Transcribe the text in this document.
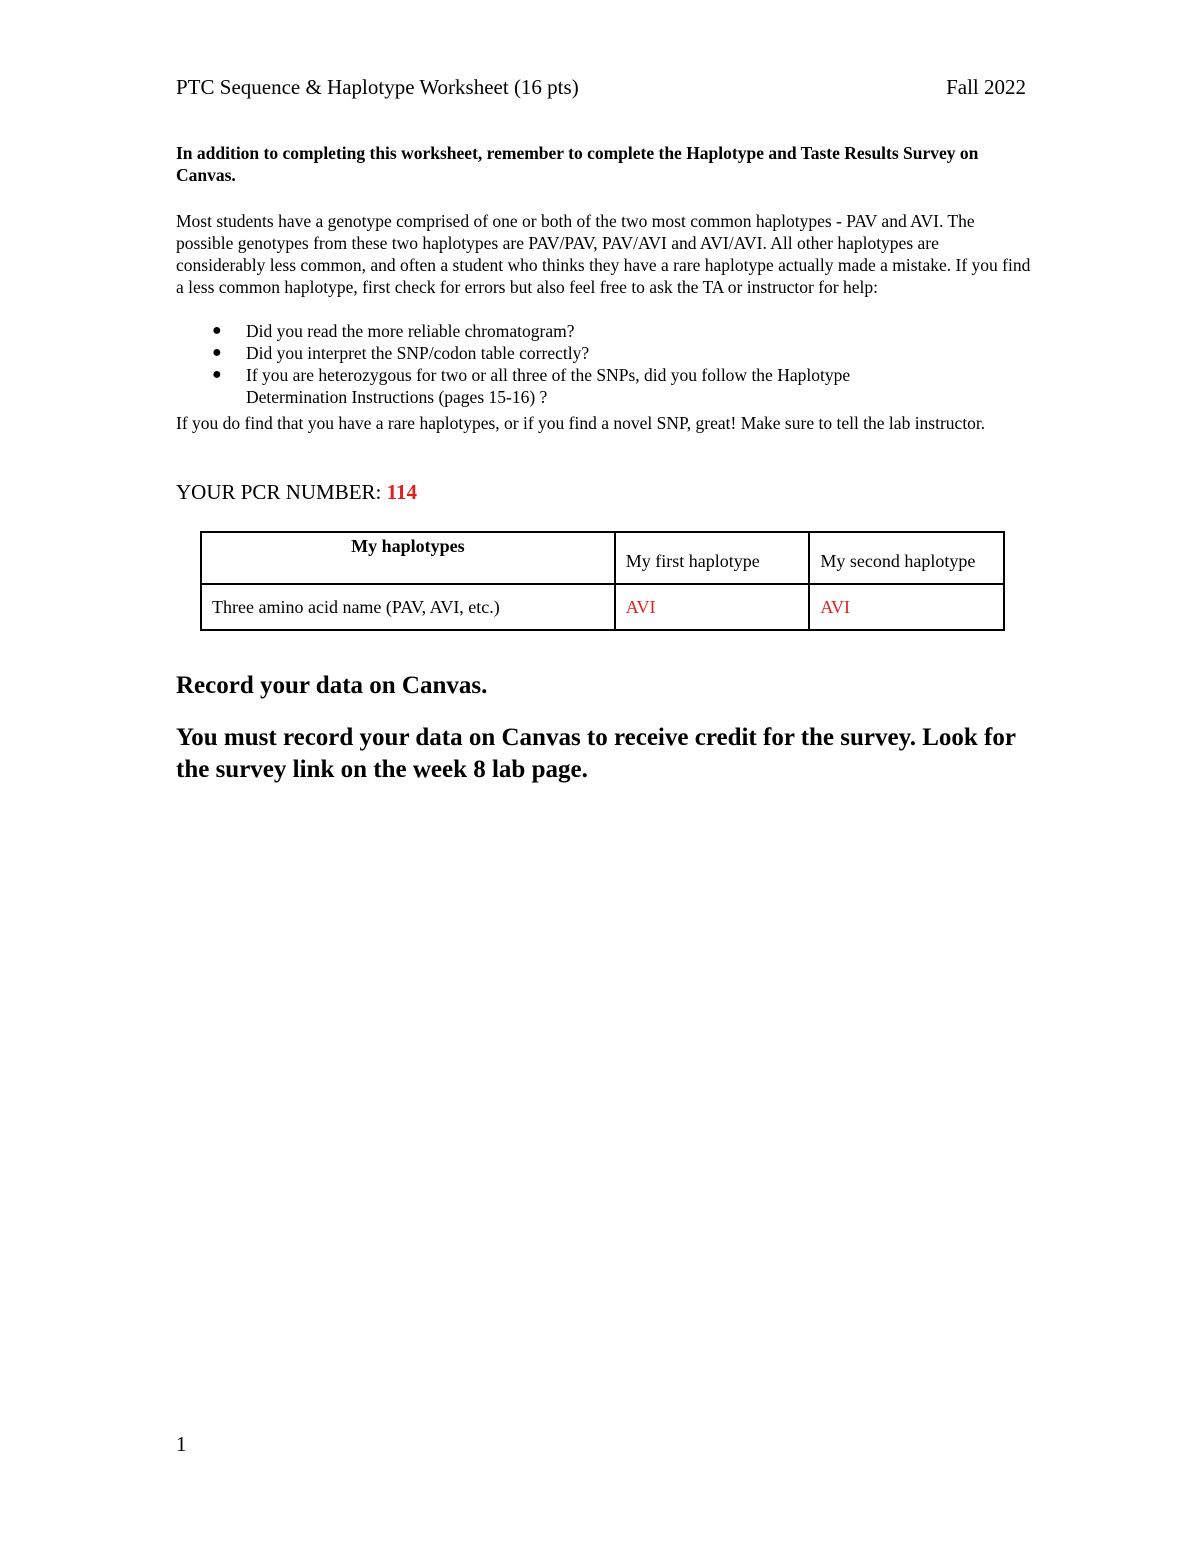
PTC Sequence & Haplotype Worksheet (16 pts)	Fall 2022
In addition to completing this worksheet, remember to complete the Haplotype and Taste Results Survey on Canvas.
Most students have a genotype comprised of one or both of the two most common haplotypes - PAV and AVI. The possible genotypes from these two haplotypes are PAV/PAV, PAV/AVI and AVI/AVI. All other haplotypes are considerably less common, and often a student who thinks they have a rare haplotype actually made a mistake. If you find a less common haplotype, first check for errors but also feel free to ask the TA or instructor for help:
● Did you read the more reliable chromatogram?
● Did you interpret the SNP/codon table correctly?
● If you are heterozygous for two or all three of the SNPs, did you follow the Haplotype Determination Instructions (pages 15-16) ?
If you do find that you have a rare haplotypes, or if you find a novel SNP, great! Make sure to tell the lab instructor.
YOUR PCR NUMBER: 114
My haplotypes	My first haplotype	My second haplotype
Three amino acid name (PAV, AVI, etc.)	AVI	AVI
Record your data on Canvas.
You must record your data on Canvas to receive credit for the survey. Look for the survey link on the week 8 lab page.
1
